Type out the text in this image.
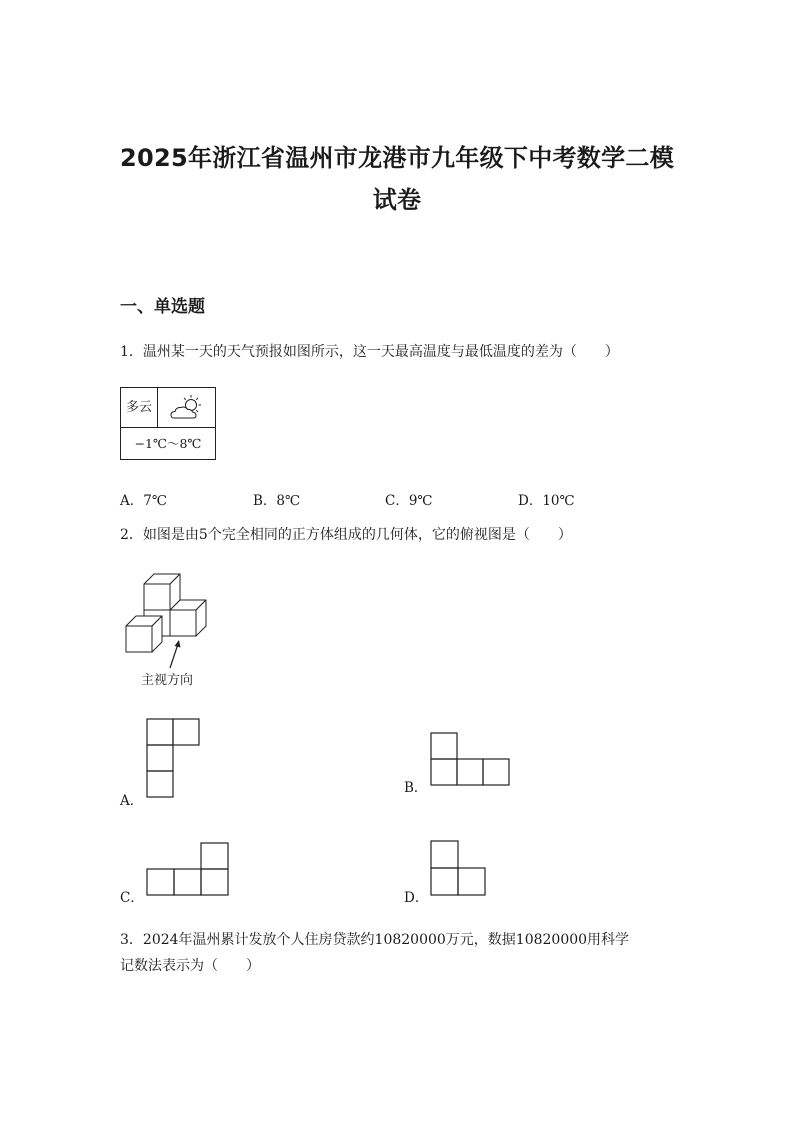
2025年浙江省温州市龙港市九年级下中考数学二模
试卷
一、单选题
1．温州某一天的天气预报如图所示，这一天最高温度与最低温度的差为（　　）
多云
−1℃～8℃
A．7℃	B．8℃	C．9℃	D．10℃
2．如图是由5个完全相同的正方体组成的几何体，它的俯视图是（　　）
主视方向
A．
B．
C．	D．
3．2024年温州累计发放个人住房贷款约10820000万元，数据10820000用科学
记数法表示为（　　）
